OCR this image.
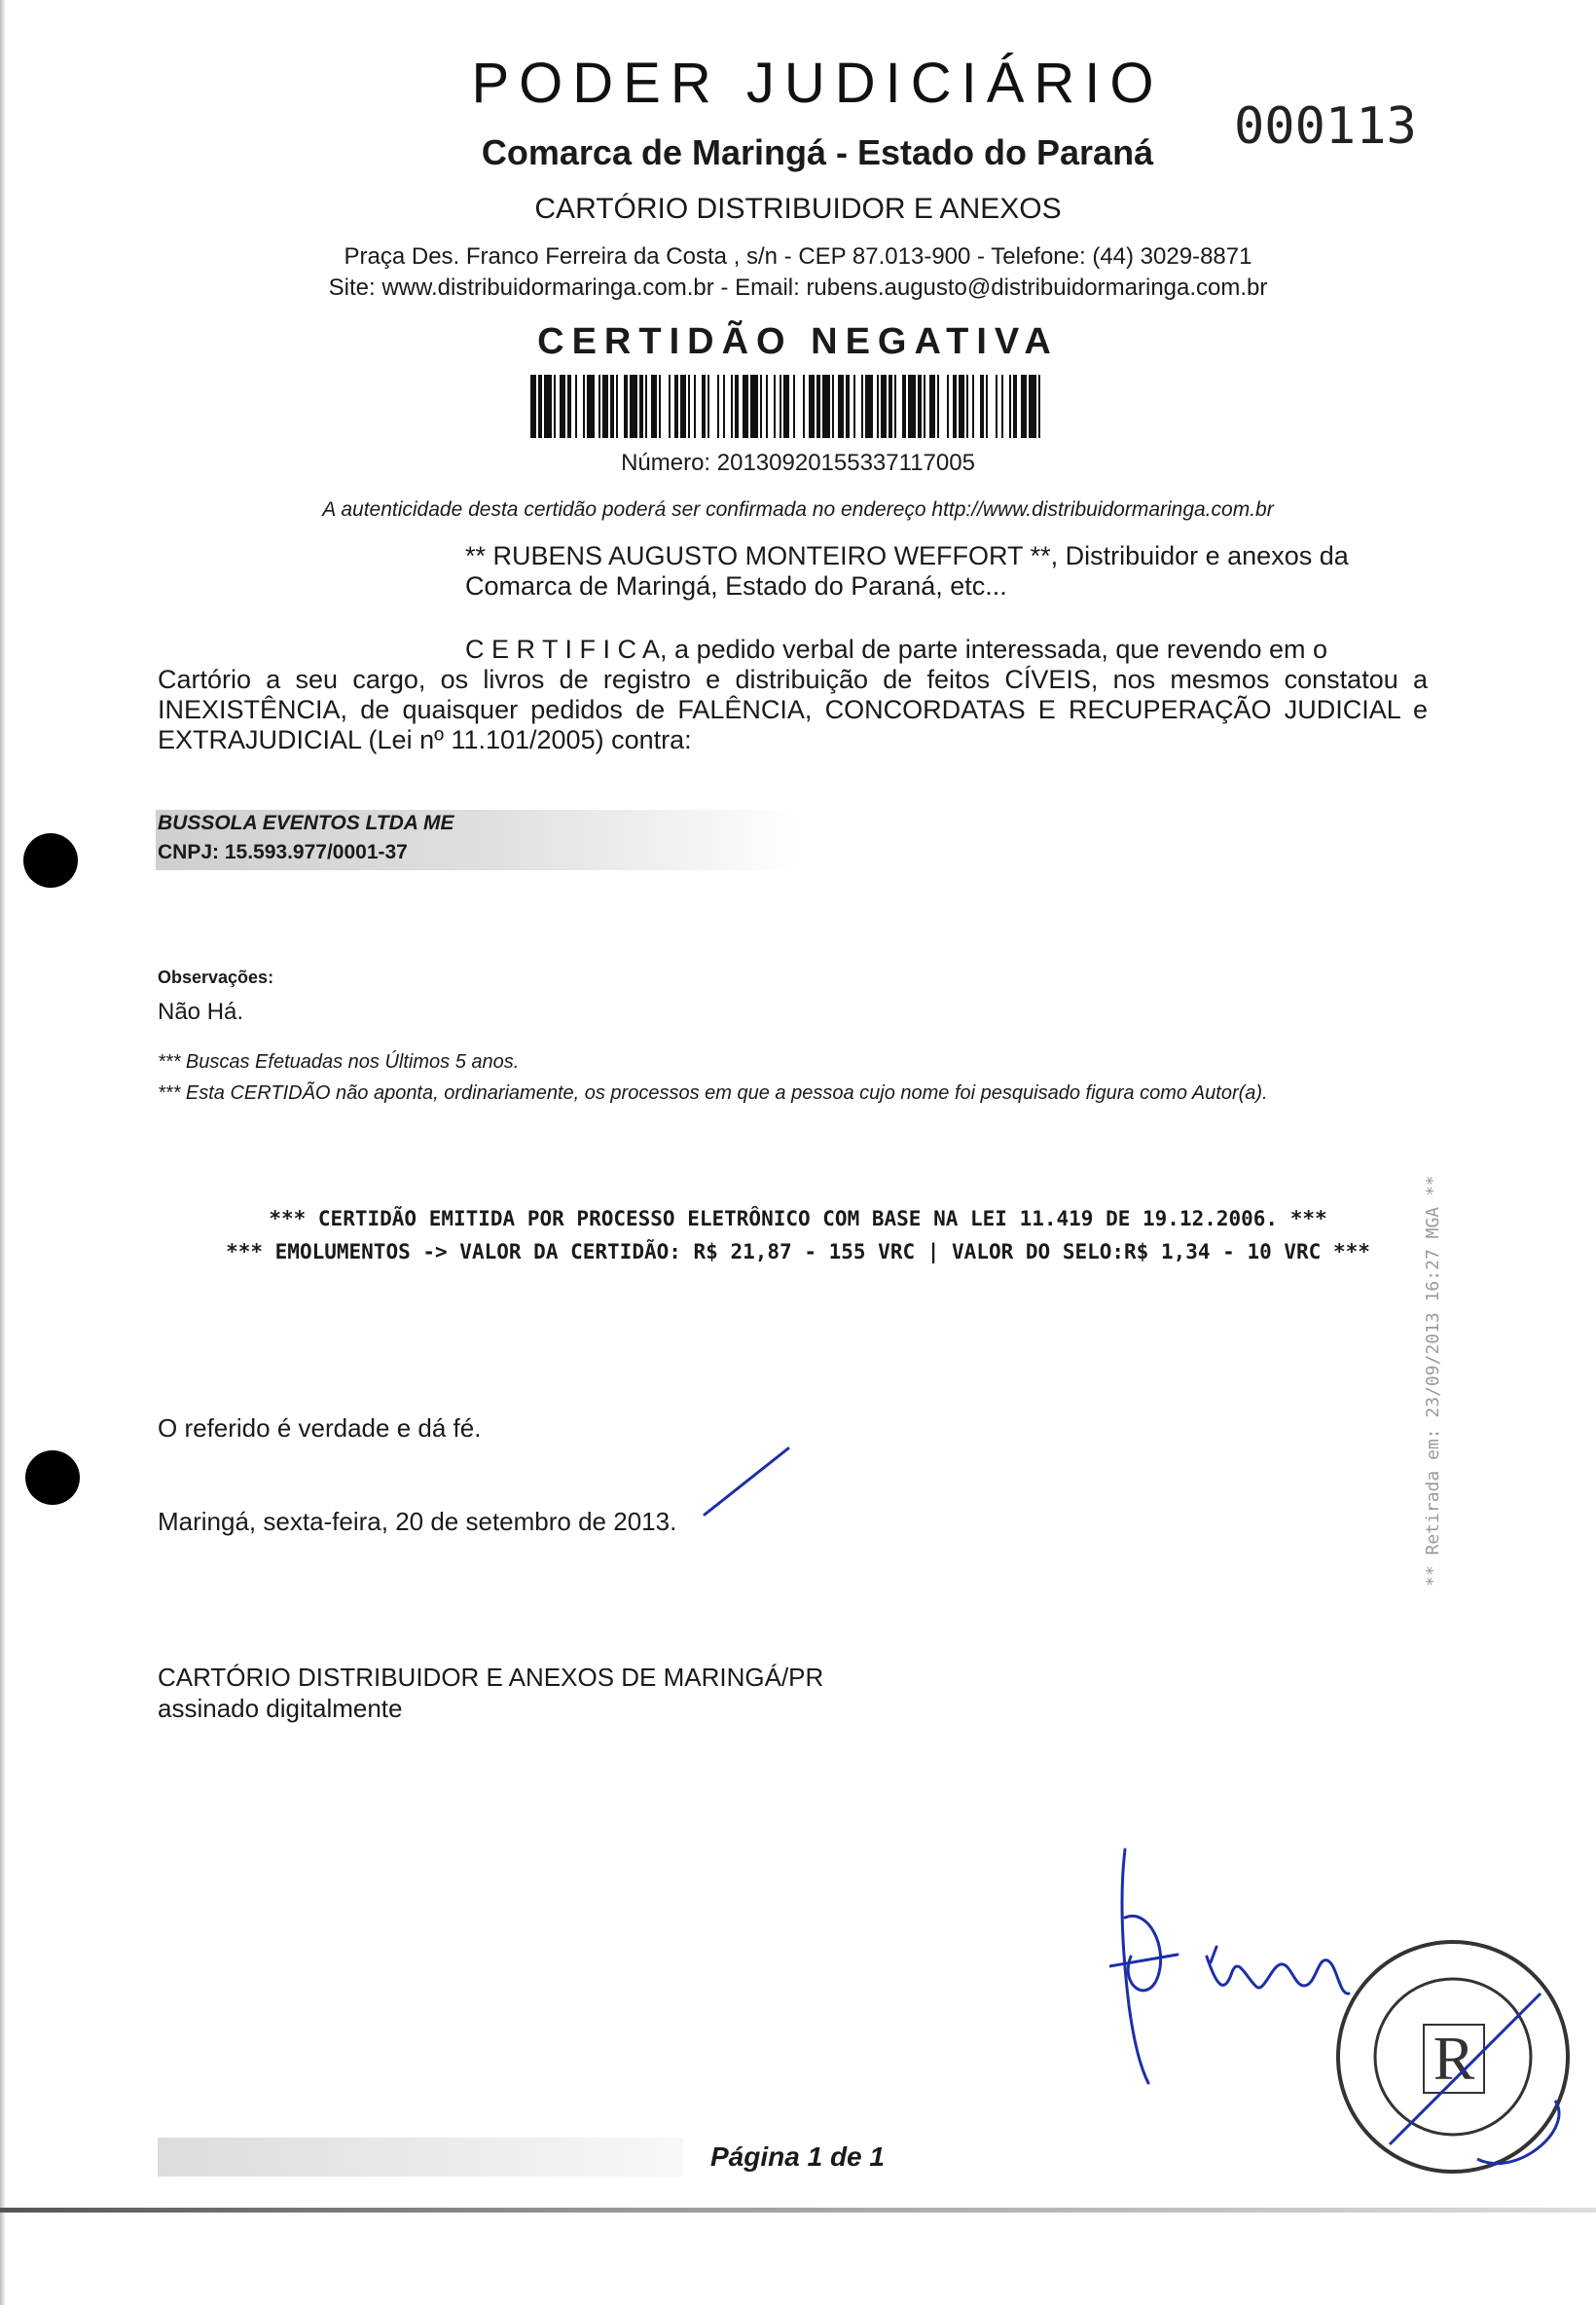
PODER JUDICIÁRIO
Comarca de Maringá - Estado do Paraná	000113
CARTÓRIO DISTRIBUIDOR E ANEXOS
Praça Des. Franco Ferreira da Costa , s/n - CEP 87.013-900 - Telefone: (44) 3029-8871
Site: www.distribuidormaringa.com.br - Email: rubens.augusto@distribuidormaringa.com.br
CERTIDÃO NEGATIVA
Número: 20130920155337117005
A autenticidade desta certidão poderá ser confirmada no endereço http://www.distribuidormaringa.com.br
** RUBENS AUGUSTO MONTEIRO WEFFORT **, Distribuidor e anexos da
Comarca de Maringá, Estado do Paraná, etc...
C E R T I F I C A, a pedido verbal de parte interessada, que revendo em o
Cartório a seu cargo, os livros de registro e distribuição de feitos CÍVEIS, nos mesmos constatou a INEXISTÊNCIA, de quaisquer pedidos de FALÊNCIA, CONCORDATAS E RECUPERAÇÃO JUDICIAL e EXTRAJUDICIAL (Lei nº 11.101/2005) contra:
BUSSOLA EVENTOS LTDA ME
CNPJ: 15.593.977/0001-37
Observações:
Não Há.
*** Buscas Efetuadas nos Últimos 5 anos.
*** Esta CERTIDÃO não aponta, ordinariamente, os processos em que a pessoa cujo nome foi pesquisado figura como Autor(a).
*** CERTIDÃO EMITIDA POR PROCESSO ELETRÔNICO COM BASE NA LEI 11.419 DE 19.12.2006. ***
*** EMOLUMENTOS -> VALOR DA CERTIDÃO: R$ 21,87 - 155 VRC | VALOR DO SELO:R$ 1,34 - 10 VRC ***
O referido é verdade e dá fé.
Maringá, sexta-feira, 20 de setembro de 2013.
CARTÓRIO DISTRIBUIDOR E ANEXOS DE MARINGÁ/PR
assinado digitalmente
** Retirada em: 23/09/2013 16:27 MGA **
R
Página 1 de 1
